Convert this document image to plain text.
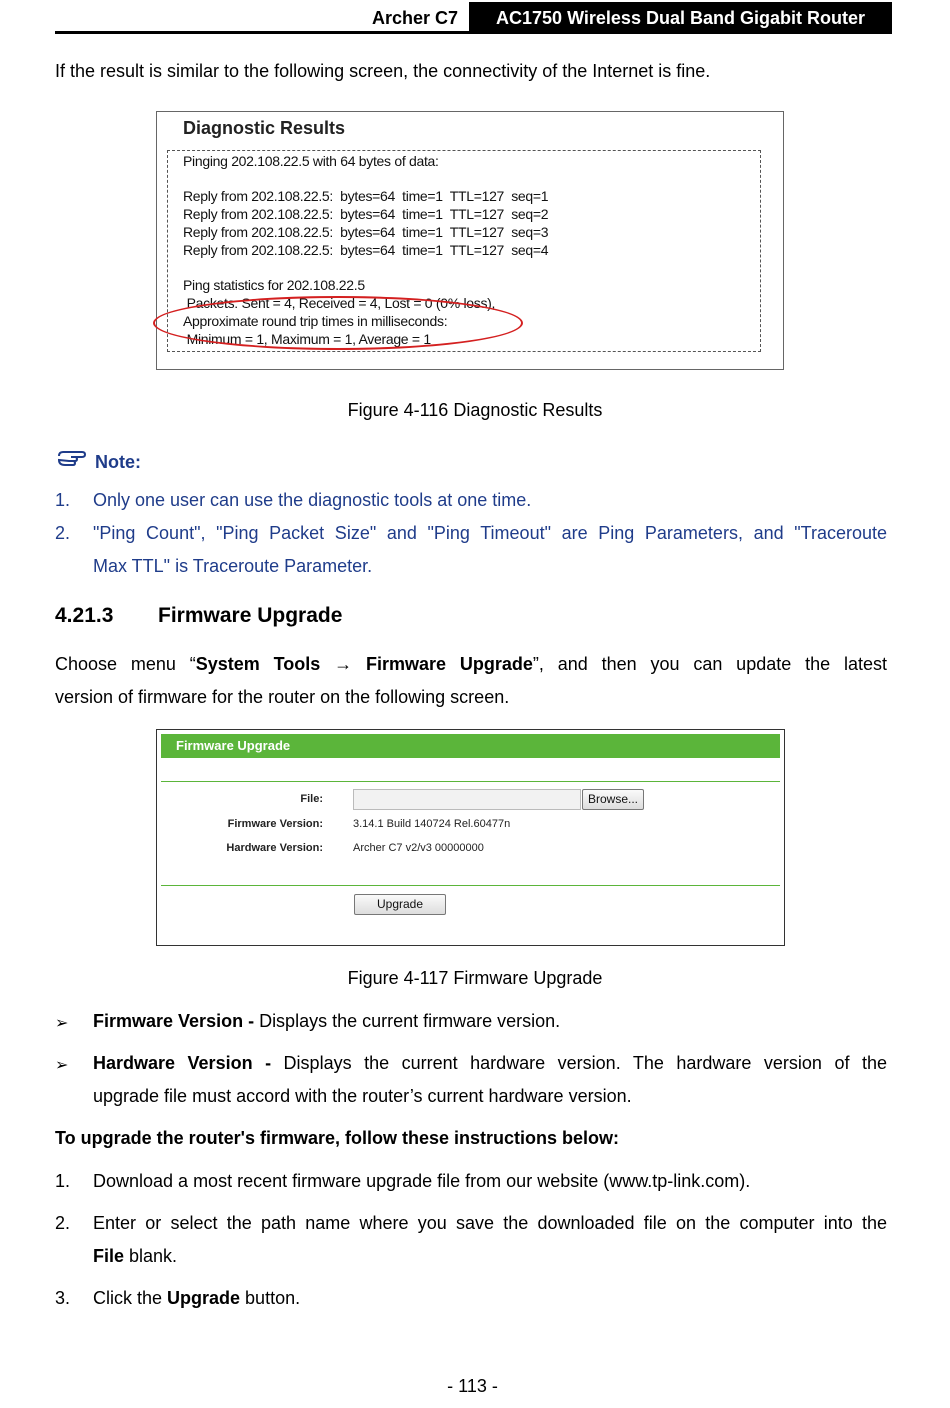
Archer C7	AC1750 Wireless Dual Band Gigabit Router
If the result is similar to the following screen, the connectivity of the Internet is fine.
Diagnostic Results
Pinging 202.108.22.5 with 64 bytes of data:
Reply from 202.108.22.5:  bytes=64  time=1  TTL=127  seq=1
Reply from 202.108.22.5:  bytes=64  time=1  TTL=127  seq=2
Reply from 202.108.22.5:  bytes=64  time=1  TTL=127  seq=3
Reply from 202.108.22.5:  bytes=64  time=1  TTL=127  seq=4
Ping statistics for 202.108.22.5
Packets: Sent = 4, Received = 4, Lost = 0 (0% loss),
Approximate round trip times in milliseconds:
Minimum = 1, Maximum = 1, Average = 1
Figure 4-116 Diagnostic Results
Note:
1. Only one user can use the diagnostic tools at one time.
2. "Ping Count", "Ping Packet Size" and "Ping Timeout" are Ping Parameters, and "Traceroute
Max TTL" is Traceroute Parameter.
4.21.3 Firmware Upgrade
Choose menu “System Tools → Firmware Upgrade”, and then you can update the latest
version of firmware for the router on the following screen.
Firmware Upgrade
File:	Browse...
Firmware Version:	3.14.1 Build 140724 Rel.60477n
Hardware Version:	Archer C7 v2/v3 00000000
Upgrade
Figure 4-117 Firmware Upgrade
➢ Firmware Version - Displays the current firmware version.
➢ Hardware Version - Displays the current hardware version. The hardware version of the
upgrade file must accord with the router’s current hardware version.
To upgrade the router's firmware, follow these instructions below:
1. Download a most recent firmware upgrade file from our website (www.tp-link.com).
2. Enter or select the path name where you save the downloaded file on the computer into the
File blank.
3. Click the Upgrade button.
- 113 -
